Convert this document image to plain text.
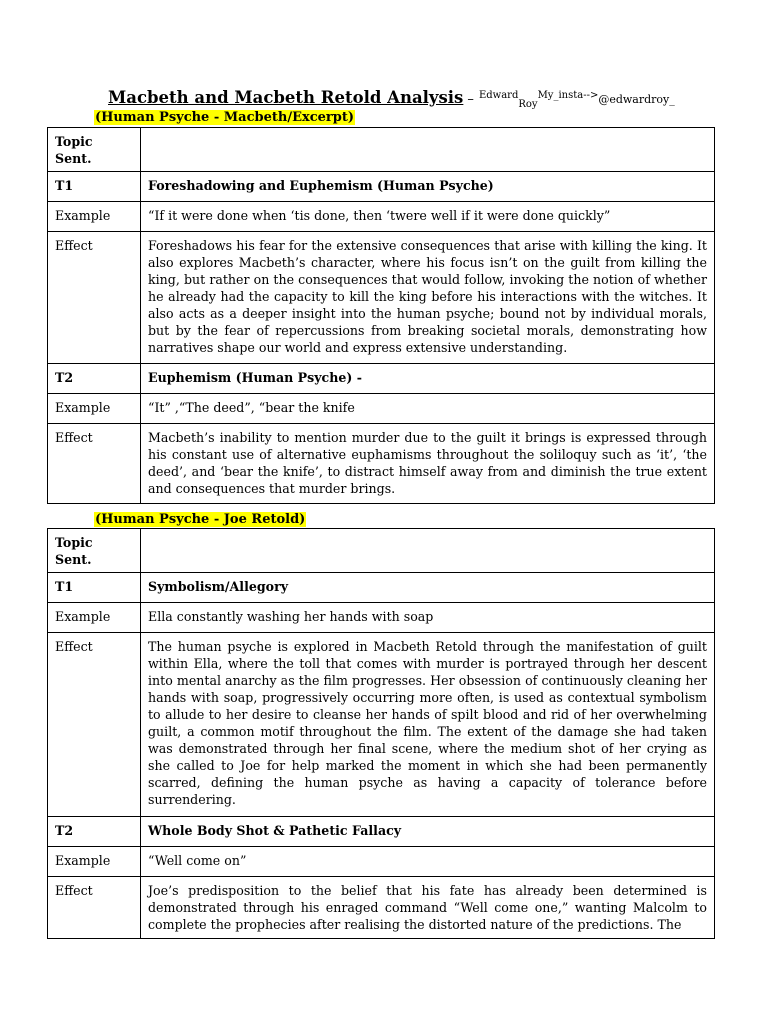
Macbeth and Macbeth Retold Analysis – $^{Edward}_{Roy}^{My\_insta-->}$@edwardroy_
(Human Psyche - Macbeth/Excerpt)
Topic Sent.	
T1	Foreshadowing and Euphemism (Human Psyche)
Example	“If it were done when ‘tis done, then ‘twere well if it were done quickly”
Effect	Foreshadows his fear for the extensive consequences that arise with killing the king. It also explores Macbeth’s character, where his focus isn’t on the guilt from killing the king, but rather on the consequences that would follow, invoking the notion of whether he already had the capacity to kill the king before his interactions with the witches. It also acts as a deeper insight into the human psyche; bound not by individual morals, but by the fear of repercussions from breaking societal morals, demonstrating how narratives shape our world and express extensive understanding.
T2	Euphemism (Human Psyche) -
Example	“It” ,“The deed”, “bear the knife
Effect	Macbeth’s inability to mention murder due to the guilt it brings is expressed through his constant use of alternative euphamisms throughout the soliloquy such as ‘it’, ‘the deed’, and ‘bear the knife’, to distract himself away from and diminish the true extent and consequences that murder brings.
(Human Psyche - Joe Retold)
Topic Sent.	
T1	Symbolism/Allegory
Example	Ella constantly washing her hands with soap
Effect	The human psyche is explored in Macbeth Retold through the manifestation of guilt within Ella, where the toll that comes with murder is portrayed through her descent into mental anarchy as the film progresses. Her obsession of continuously cleaning her hands with soap, progressively occurring more often, is used as contextual symbolism to allude to her desire to cleanse her hands of spilt blood and rid of her overwhelming guilt, a common motif throughout the film. The extent of the damage she had taken was demonstrated through her final scene, where the medium shot of her crying as she called to Joe for help marked the moment in which she had been permanently scarred, defining the human psyche as having a capacity of tolerance before surrendering.
T2	Whole Body Shot & Pathetic Fallacy
Example	“Well come on”
Effect	Joe’s predisposition to the belief that his fate has already been determined is demonstrated through his enraged command “Well come one,” wanting Malcolm to complete the prophecies after realising the distorted nature of the predictions. The
